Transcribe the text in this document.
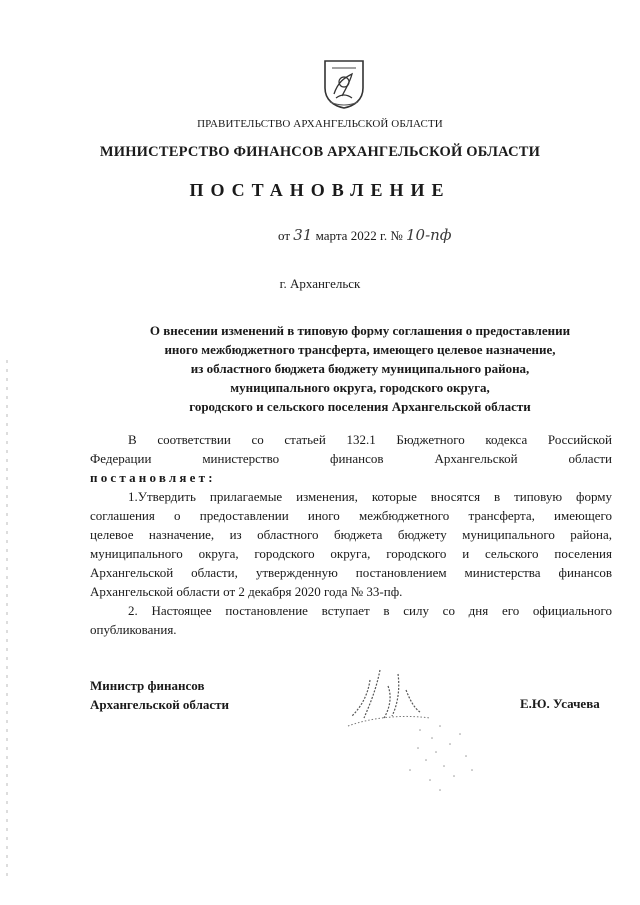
ПРАВИТЕЛЬСТВО АРХАНГЕЛЬСКОЙ ОБЛАСТИ
МИНИСТЕРСТВО ФИНАНСОВ АРХАНГЕЛЬСКОЙ ОБЛАСТИ
ПОСТАНОВЛЕНИЕ
от 31 марта 2022 г. № 10-пф
г. Архангельск
О внесении изменений в типовую форму соглашения о предоставлении
иного межбюджетного трансферта, имеющего целевое назначение,
из областного бюджета бюджету муниципального района,
муниципального округа, городского округа,
городского и сельского поселения Архангельской области
В соответствии со статьей 132.1 Бюджетного кодекса Российской
Федерации министерство финансов Архангельской области
постановляет:
1.Утвердить прилагаемые изменения, которые вносятся в типовую форму
соглашения о предоставлении иного межбюджетного трансферта, имеющего
целевое назначение, из областного бюджета бюджету муниципального района,
муниципального округа, городского округа, городского и сельского поселения
Архангельской области, утвержденную постановлением министерства финансов
Архангельской области от 2 декабря 2020 года № 33-пф.
2. Настоящее постановление вступает в силу со дня его официального
опубликования.
Министр финансов
Архангельской области	Е.Ю. Усачева
